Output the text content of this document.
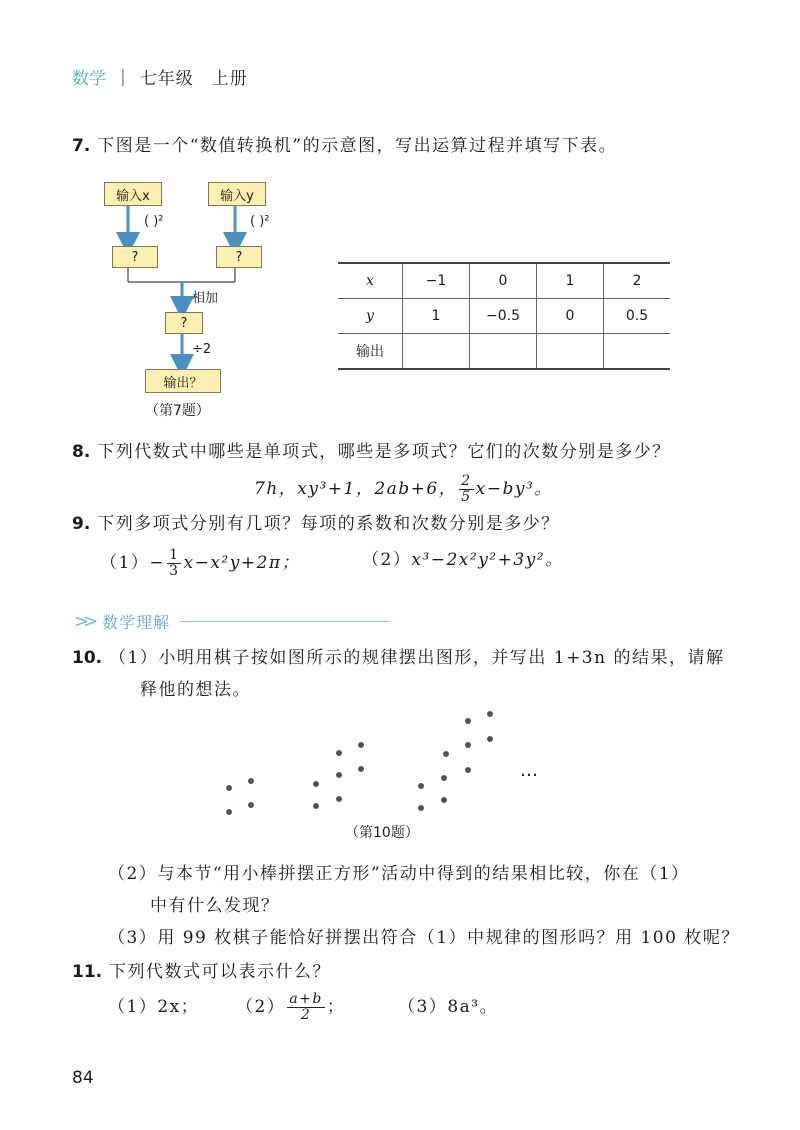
数学 | 七年级　上册
7. 下图是一个“数值转换机”的示意图，写出运算过程并填写下表。
输入x	输入y
( )²	( )²
?	?
相加
?
÷2
输出？
（第7题）
x	−1	0	1	2
y	1	−0.5	0	0.5
输出				
8. 下列代数式中哪些是单项式，哪些是多项式？它们的次数分别是多少？
7h，xy³+1，2ab+6， $\frac{2}{5} x-by^3$。
9. 下列多项式分别有几项？每项的系数和次数分别是多少？
$(1)- \frac{1}{3} x-x^2y+2\pi$；	（2）x³−2x²y²+3y²。
>> 数学理解
10. （1）小明用棋子按如图所示的规律摆出图形，并写出 1+3n 的结果，请解
释他的想法。
…
（第10题）
（2）与本节“用小棒拼摆正方形”活动中得到的结果相比较，你在（1）
中有什么发现？
（3）用 99 枚棋子能恰好拼摆出符合（1）中规律的图形吗？用 100 枚呢？
11. 下列代数式可以表示什么？
（1）2x； $(2) \frac{a+b}{2}$ ；	（3）8a³。
84
